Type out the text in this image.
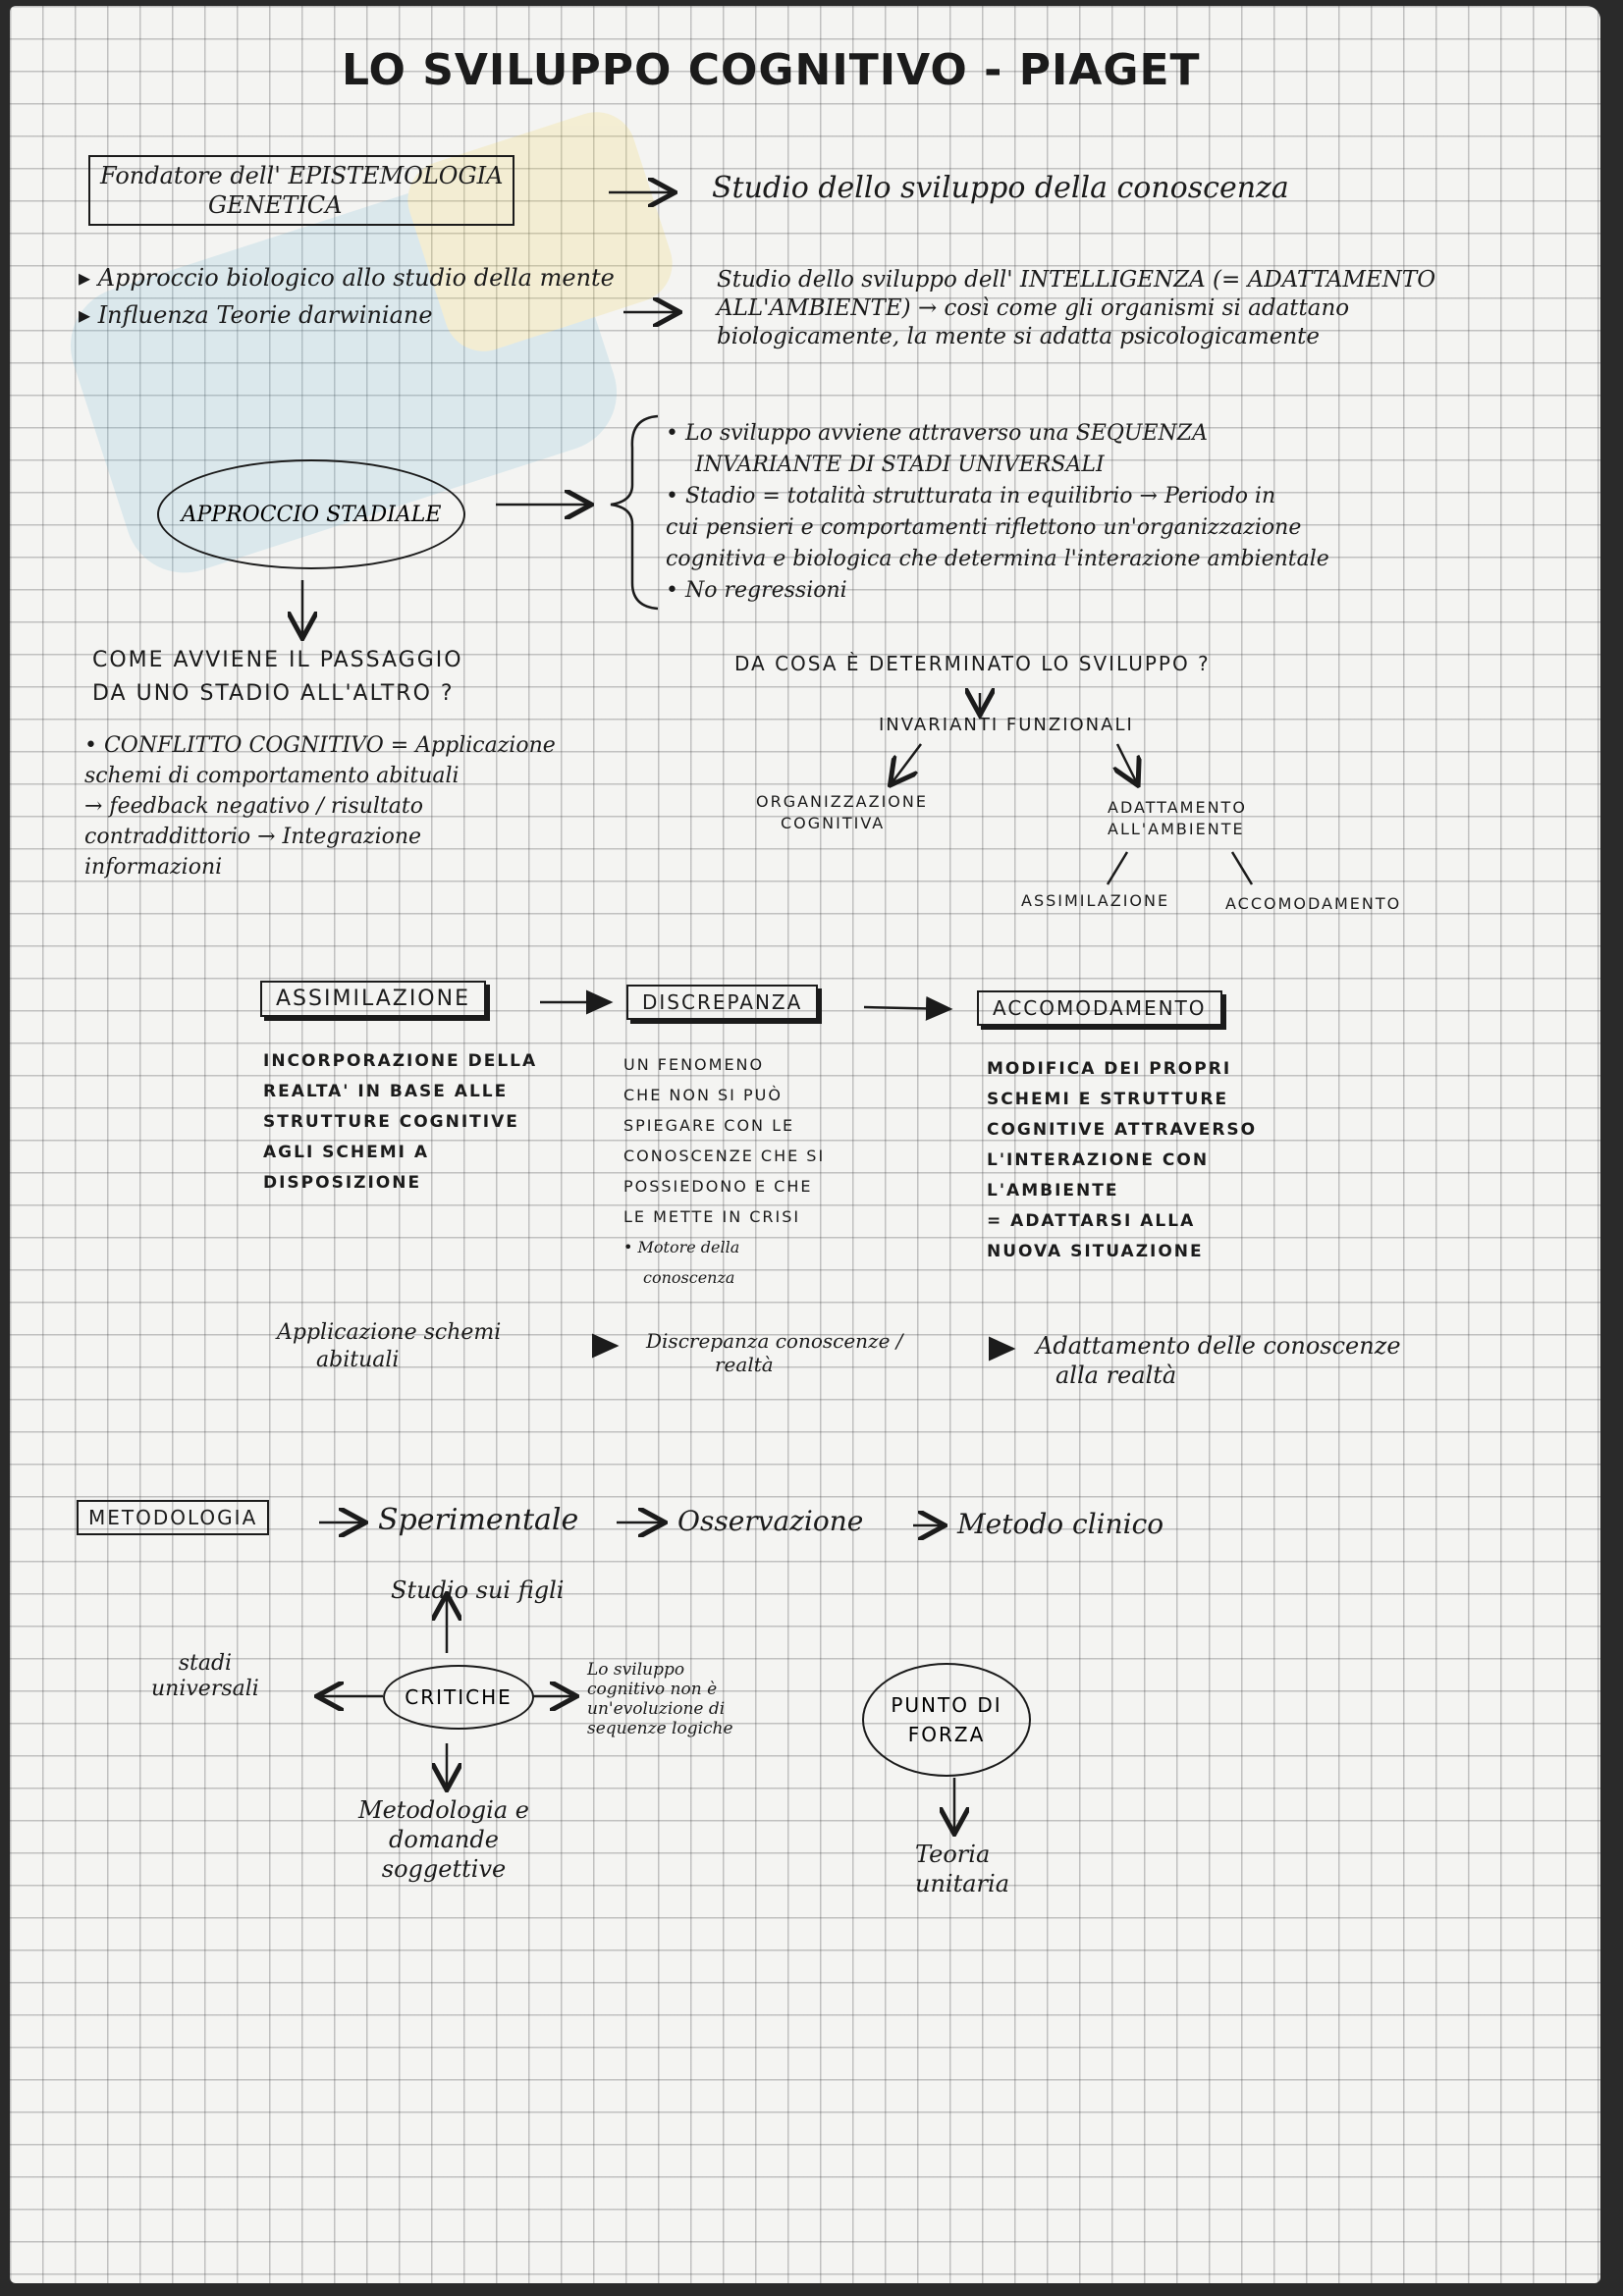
LO SVILUPPO COGNITIVO - PIAGET
Fondatore dell' EPISTEMOLOGIA
GENETICA	Studio dello sviluppo della conoscenza
▸ Approccio biologico allo studio della mente
▸ Influenza Teorie darwiniane
Studio dello sviluppo dell' INTELLIGENZA (= ADATTAMENTO
ALL'AMBIENTE) → così come gli organismi si adattano
biologicamente, la mente si adatta psicologicamente
APPROCCIO STADIALE
• Lo sviluppo avviene attraverso una SEQUENZA
INVARIANTE DI STADI UNIVERSALI
• Stadio = totalità strutturata in equilibrio → Periodo in
cui pensieri e comportamenti riflettono un'organizzazione
cognitiva e biologica che determina l'interazione ambientale
• No regressioni
COME AVVIENE IL PASSAGGIO
DA UNO STADIO ALL'ALTRO ?
• CONFLITTO COGNITIVO = Applicazione
schemi di comportamento abituali
→ feedback negativo / risultato
contraddittorio → Integrazione
informazioni
DA COSA È DETERMINATO LO SVILUPPO ?
INVARIANTI FUNZIONALI
ORGANIZZAZIONE
COGNITIVA
ADATTAMENTO
ALL'AMBIENTE
ASSIMILAZIONE	ACCOMODAMENTO
ASSIMILAZIONE	DISCREPANZA	ACCOMODAMENTO
INCORPORAZIONE DELLA
REALTA' IN BASE ALLE
STRUTTURE COGNITIVE
AGLI SCHEMI A
DISPOSIZIONE
UN FENOMENO
CHE NON SI PUÒ
SPIEGARE CON LE
CONOSCENZE CHE SI
POSSIEDONO E CHE
LE METTE IN CRISI
• Motore della
conoscenza
MODIFICA DEI PROPRI
SCHEMI E STRUTTURE
COGNITIVE ATTRAVERSO
L'INTERAZIONE CON
L'AMBIENTE
= ADATTARSI ALLA
NUOVA SITUAZIONE
Applicazione schemi
abituali
Discrepanza conoscenze /
realtà
Adattamento delle conoscenze
alla realtà
METODOLOGIA	Sperimentale	Osservazione	Metodo clinico
CRITICHE
Studio sui figli
stadi
universali
Lo sviluppo
cognitivo non è
un'evoluzione di
sequenze logiche
Metodologia e
domande
soggettive
PUNTO DI
FORZA
Teoria
unitaria
